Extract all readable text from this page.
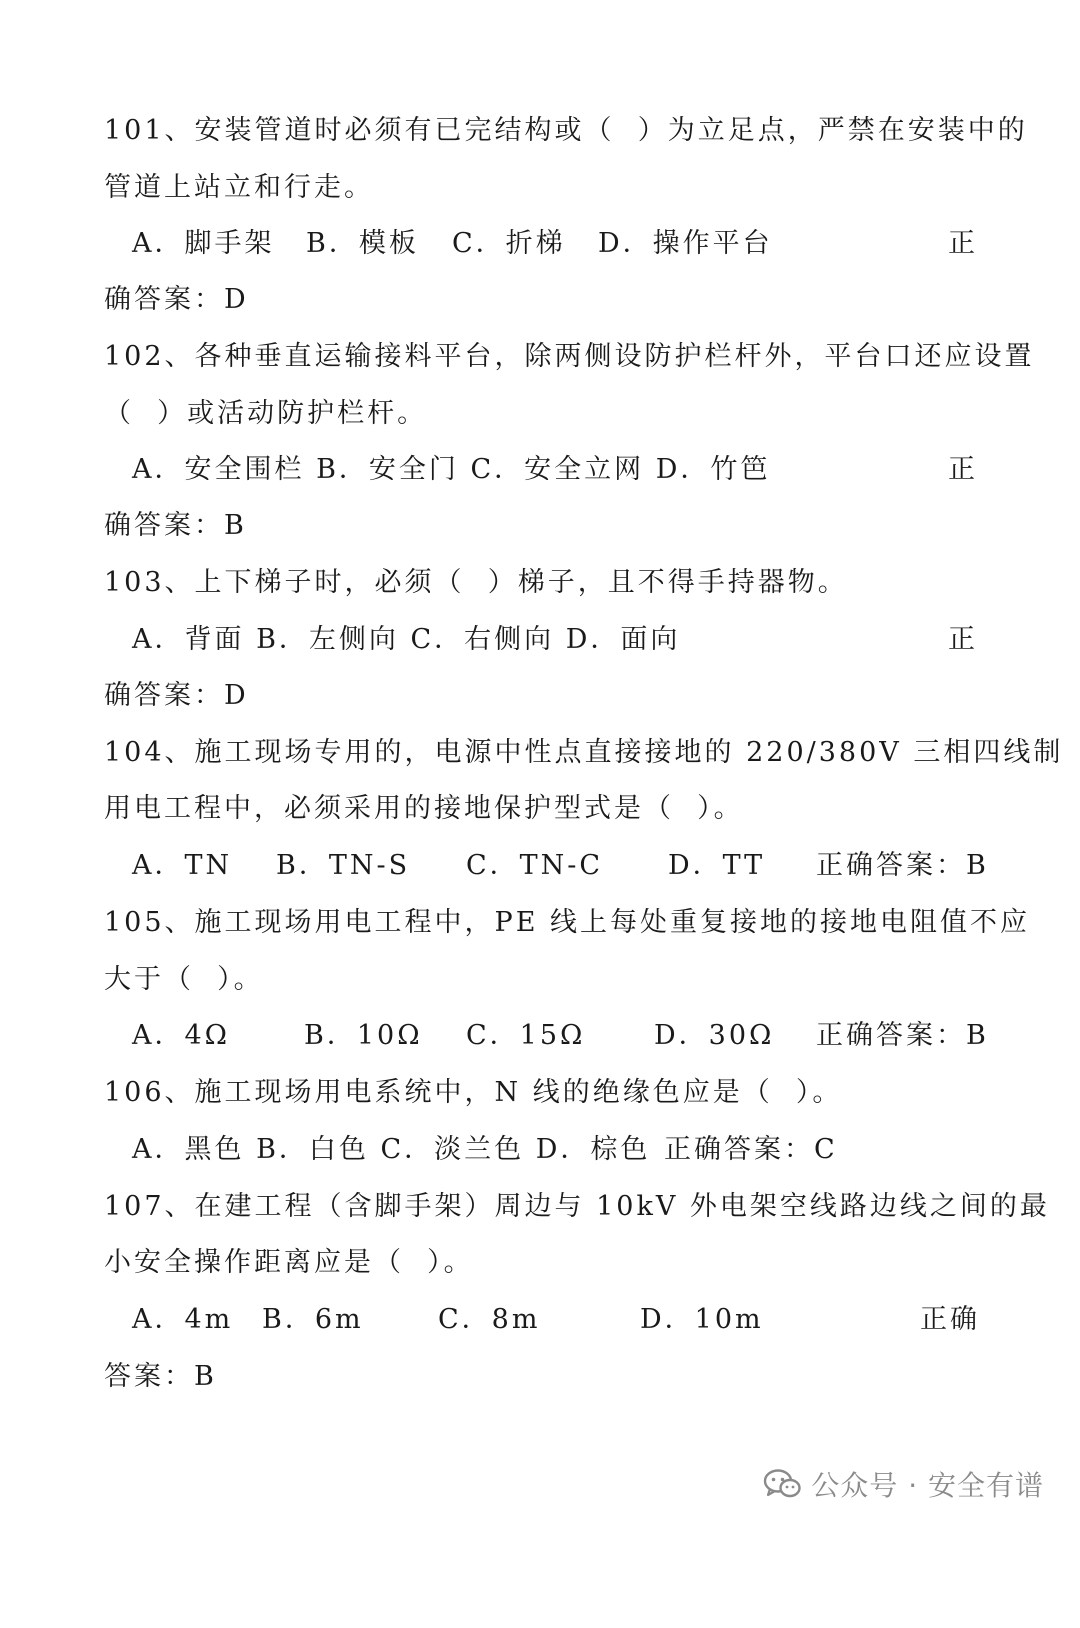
101、安装管道时必须有已完结构或（  ）为立足点，严禁在安装中的

管道上站立和行走。

A．脚手架

B．模板

C．折梯

D．操作平台

	正

确答案：D

102、各种垂直运输接料平台，除两侧设防护栏杆外，平台口还应设置

（  ）或活动防护栏杆。

A．安全围栏 B．安全门 C．安全立网 D．竹笆

	正

确答案：B

103、上下梯子时，必须（  ）梯子，且不得手持器物。

A．背面 B．左侧向 C．右侧向 D．面向

	正

确答案：D

104、施工现场专用的，电源中性点直接接地的 220/380V 三相四线制

用电工程中，必须采用的接地保护型式是（  ）。

A．TN

B．TN-S

C．TN-C

D．TT

正确答案：B

105、施工现场用电工程中，PE 线上每处重复接地的接地电阻值不应

大于（  ）。

A．4Ω

	B．10Ω

C．15Ω

	D．30Ω

正确答案：B

106、施工现场用电系统中，N 线的绝缘色应是（  ）。

A．黑色 B．白色 C．淡兰色 D．棕色

正确答案：C

107、在建工程（含脚手架）周边与 10kV 外电架空线路边线之间的最

小安全操作距离应是（  ）。

A．4m

B．6m

	C．8m

	D．10m

	正确

答案：B

公众号 · 安全有谱
